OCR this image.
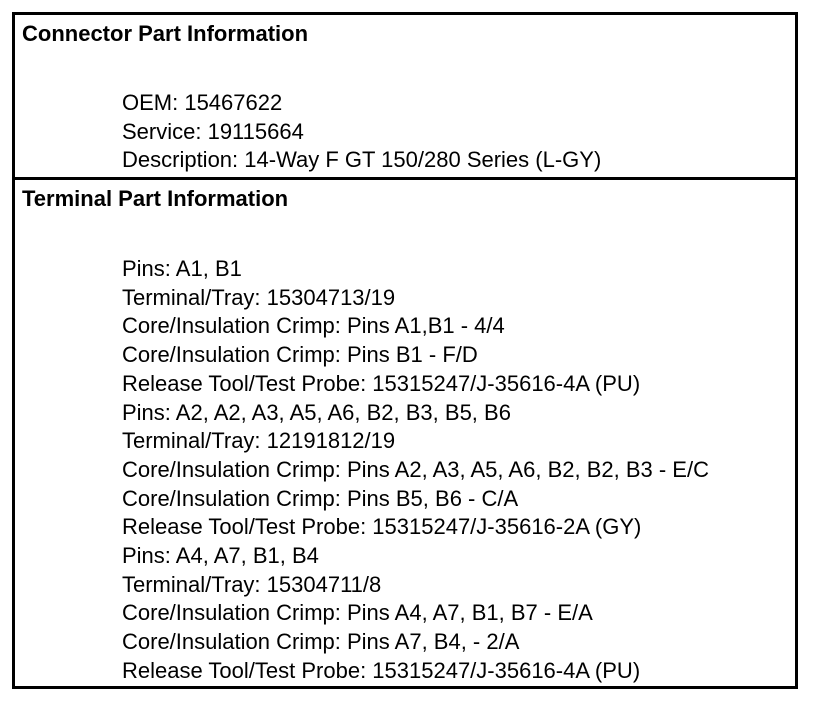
Connector Part Information
OEM: 15467622
Service: 19115664
Description: 14-Way F GT 150/280 Series (L-GY)
Terminal Part Information
Pins: A1, B1
Terminal/Tray: 15304713/19
Core/Insulation Crimp: Pins A1,B1 - 4/4
Core/Insulation Crimp: Pins B1 - F/D
Release Tool/Test Probe: 15315247/J-35616-4A (PU)
Pins: A2, A2, A3, A5, A6, B2, B3, B5, B6
Terminal/Tray: 12191812/19
Core/Insulation Crimp: Pins A2, A3, A5, A6, B2, B2, B3 - E/C
Core/Insulation Crimp: Pins B5, B6 - C/A
Release Tool/Test Probe: 15315247/J-35616-2A (GY)
Pins: A4, A7, B1, B4
Terminal/Tray: 15304711/8
Core/Insulation Crimp: Pins A4, A7, B1, B7 - E/A
Core/Insulation Crimp: Pins A7, B4, - 2/A
Release Tool/Test Probe: 15315247/J-35616-4A (PU)
